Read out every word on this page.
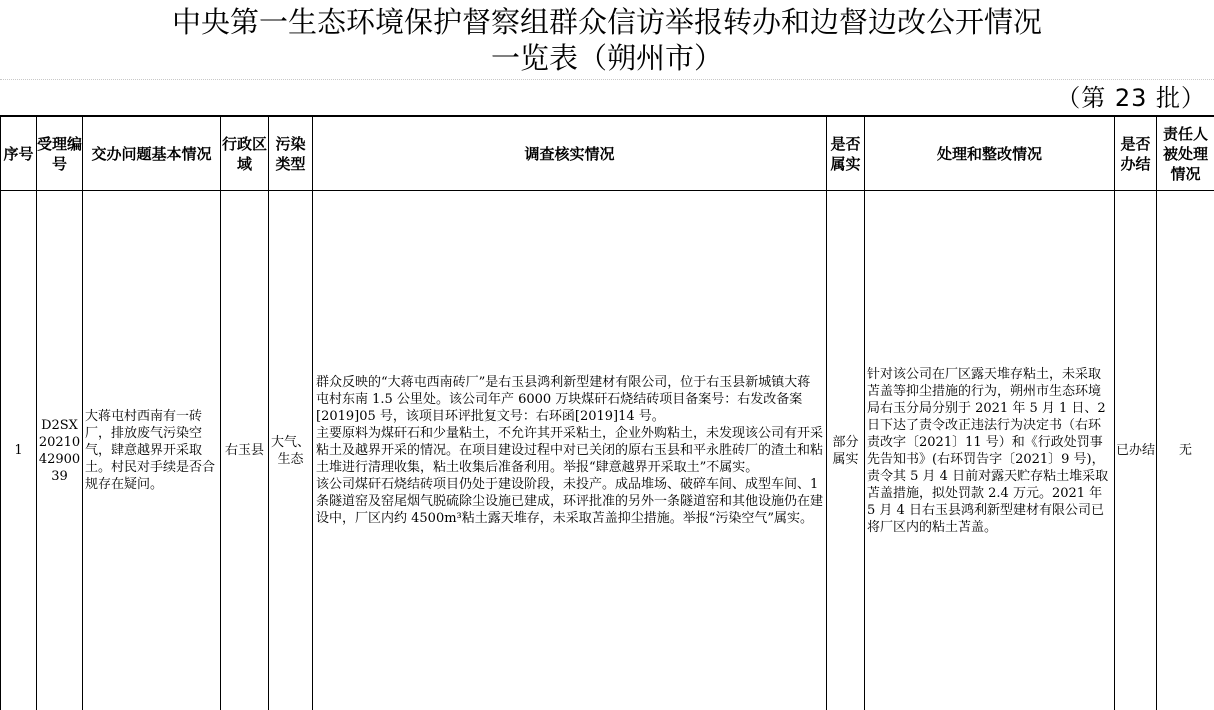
中央第一生态环境保护督察组群众信访举报转办和边督边改公开情况
一览表（朔州市）
（第 23 批）
序号	受理编号	交办问题基本情况	行政区域	污染类型	调查核实情况	是否属实	处理和整改情况	是否办结	责任人被处理情况
1	D2SX202104290039	大蒋屯村西南有一砖厂，排放废气污染空气，肆意越界开采取土。村民对手续是否合规存在疑问。	右玉县	大气、生态	群众反映的“大蒋屯西南砖厂”是右玉县鸿利新型建材有限公司，位于右玉县新城镇大蒋屯村东南 1.5 公里处。该公司年产 6000 万块煤矸石烧结砖项目备案号：右发改备案[2019]05 号，该项目环评批复文号：右环函[2019]14 号。
主要原料为煤矸石和少量粘土，不允许其开采粘土，企业外购粘土，未发现该公司有开采粘土及越界开采的情况。在项目建设过程中对已关闭的原右玉县和平永胜砖厂的渣土和粘土堆进行清理收集，粘土收集后准备利用。举报“肆意越界开采取土”不属实。
该公司煤矸石烧结砖项目仍处于建设阶段，未投产。成品堆场、破碎车间、成型车间、1 条隧道窑及窑尾烟气脱硫除尘设施已建成，环评批准的另外一条隧道窑和其他设施仍在建设中，厂区内约 4500m³粘土露天堆存，未采取苫盖抑尘措施。举报“污染空气”属实。	部分属实	针对该公司在厂区露天堆存粘土，未采取苫盖等抑尘措施的行为，朔州市生态环境局右玉分局分别于 2021 年 5 月 1 日、2 日下达了责令改正违法行为决定书（右环责改字〔2021〕11 号）和《行政处罚事先告知书》(右环罚告字〔2021〕9 号)，责令其 5 月 4 日前对露天贮存粘土堆采取苫盖措施，拟处罚款 2.4 万元。2021 年 5 月 4 日右玉县鸿利新型建材有限公司已将厂区内的粘土苫盖。	已办结	无
